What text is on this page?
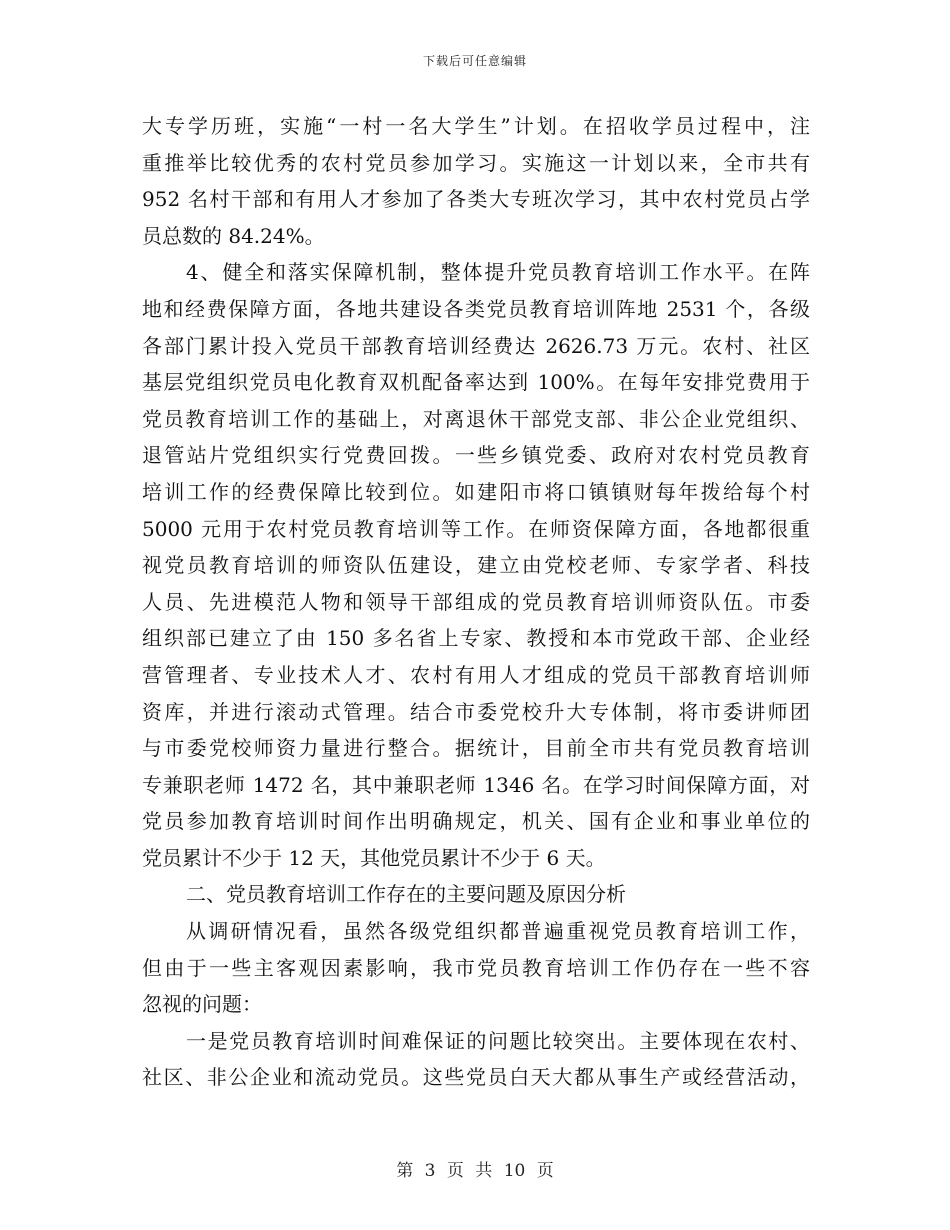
下载后可任意编辑
大专学历班，实施“一村一名大学生”计划。在招收学员过程中，注
重推举比较优秀的农村党员参加学习。实施这一计划以来，全市共有
952 名村干部和有用人才参加了各类大专班次学习，其中农村党员占学
员总数的 84.24%。
4、健全和落实保障机制，整体提升党员教育培训工作水平。在阵
地和经费保障方面，各地共建设各类党员教育培训阵地 2531 个，各级
各部门累计投入党员干部教育培训经费达 2626.73 万元。农村、社区
基层党组织党员电化教育双机配备率达到 100%。在每年安排党费用于
党员教育培训工作的基础上，对离退休干部党支部、非公企业党组织、
退管站片党组织实行党费回拨。一些乡镇党委、政府对农村党员教育
培训工作的经费保障比较到位。如建阳市将口镇镇财每年拨给每个村
5000 元用于农村党员教育培训等工作。在师资保障方面，各地都很重
视党员教育培训的师资队伍建设，建立由党校老师、专家学者、科技
人员、先进模范人物和领导干部组成的党员教育培训师资队伍。市委
组织部已建立了由 150 多名省上专家、教授和本市党政干部、企业经
营管理者、专业技术人才、农村有用人才组成的党员干部教育培训师
资库，并进行滚动式管理。结合市委党校升大专体制，将市委讲师团
与市委党校师资力量进行整合。据统计，目前全市共有党员教育培训
专兼职老师 1472 名，其中兼职老师 1346 名。在学习时间保障方面，对
党员参加教育培训时间作出明确规定，机关、国有企业和事业单位的
党员累计不少于 12 天，其他党员累计不少于 6 天。
二、党员教育培训工作存在的主要问题及原因分析
从调研情况看，虽然各级党组织都普遍重视党员教育培训工作，
但由于一些主客观因素影响，我市党员教育培训工作仍存在一些不容
忽视的问题：
一是党员教育培训时间难保证的问题比较突出。主要体现在农村、
社区、非公企业和流动党员。这些党员白天大都从事生产或经营活动，
第 3 页 共 10 页
